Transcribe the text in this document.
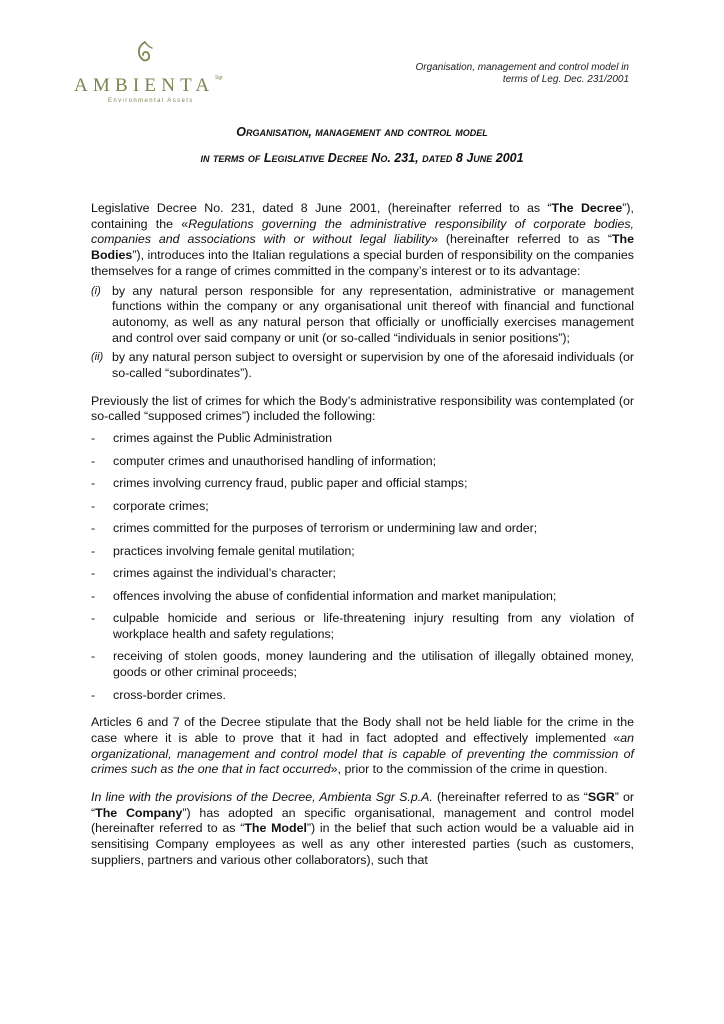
AMBIENTA Sgr
Environmental Assets
Organisation, management and control model in
terms of Leg. Dec. 231/2001
Organisation, management and control model
in terms of Legislative Decree No. 231, dated 8 June 2001

Legislative Decree No. 231, dated 8 June 2001, (hereinafter referred to as “The Decree”), containing the «Regulations governing the administrative responsibility of corporate bodies, companies and associations with or without legal liability» (hereinafter referred to as “The Bodies”), introduces into the Italian regulations a special burden of responsibility on the companies themselves for a range of crimes committed in the company’s interest or to its advantage:

(i) by any natural person responsible for any representation, administrative or management functions within the company or any organisational unit thereof with financial and functional autonomy, as well as any natural person that officially or unofficially exercises management and control over said company or unit (or so-called “individuals in senior positions”);
(ii) by any natural person subject to oversight or supervision by one of the aforesaid individuals (or so-called “subordinates”).

Previously the list of crimes for which the Body’s administrative responsibility was contemplated (or so-called “supposed crimes”) included the following:

-	crimes against the Public Administration
-	computer crimes and unauthorised handling of information;
-	crimes involving currency fraud, public paper and official stamps;
-	corporate crimes;
-	crimes committed for the purposes of terrorism or undermining law and order;
-	practices involving female genital mutilation;
-	crimes against the individual’s character;
-	offences involving the abuse of confidential information and market manipulation;
-	culpable homicide and serious or life-threatening injury resulting from any violation of workplace health and safety regulations;
-	receiving of stolen goods, money laundering and the utilisation of illegally obtained money, goods or other criminal proceeds;
-	cross-border crimes.

Articles 6 and 7 of the Decree stipulate that the Body shall not be held liable for the crime in the case where it is able to prove that it had in fact adopted and effectively implemented «an organizational, management and control model that is capable of preventing the commission of crimes such as the one that in fact occurred», prior to the commission of the crime in question.

In line with the provisions of the Decree, Ambienta Sgr S.p.A. (hereinafter referred to as “SGR” or “The Company”) has adopted an specific organisational, management and control model (hereinafter referred to as “The Model”) in the belief that such action would be a valuable aid in sensitising Company employees as well as any other interested parties (such as customers, suppliers, partners and various other collaborators), such that
